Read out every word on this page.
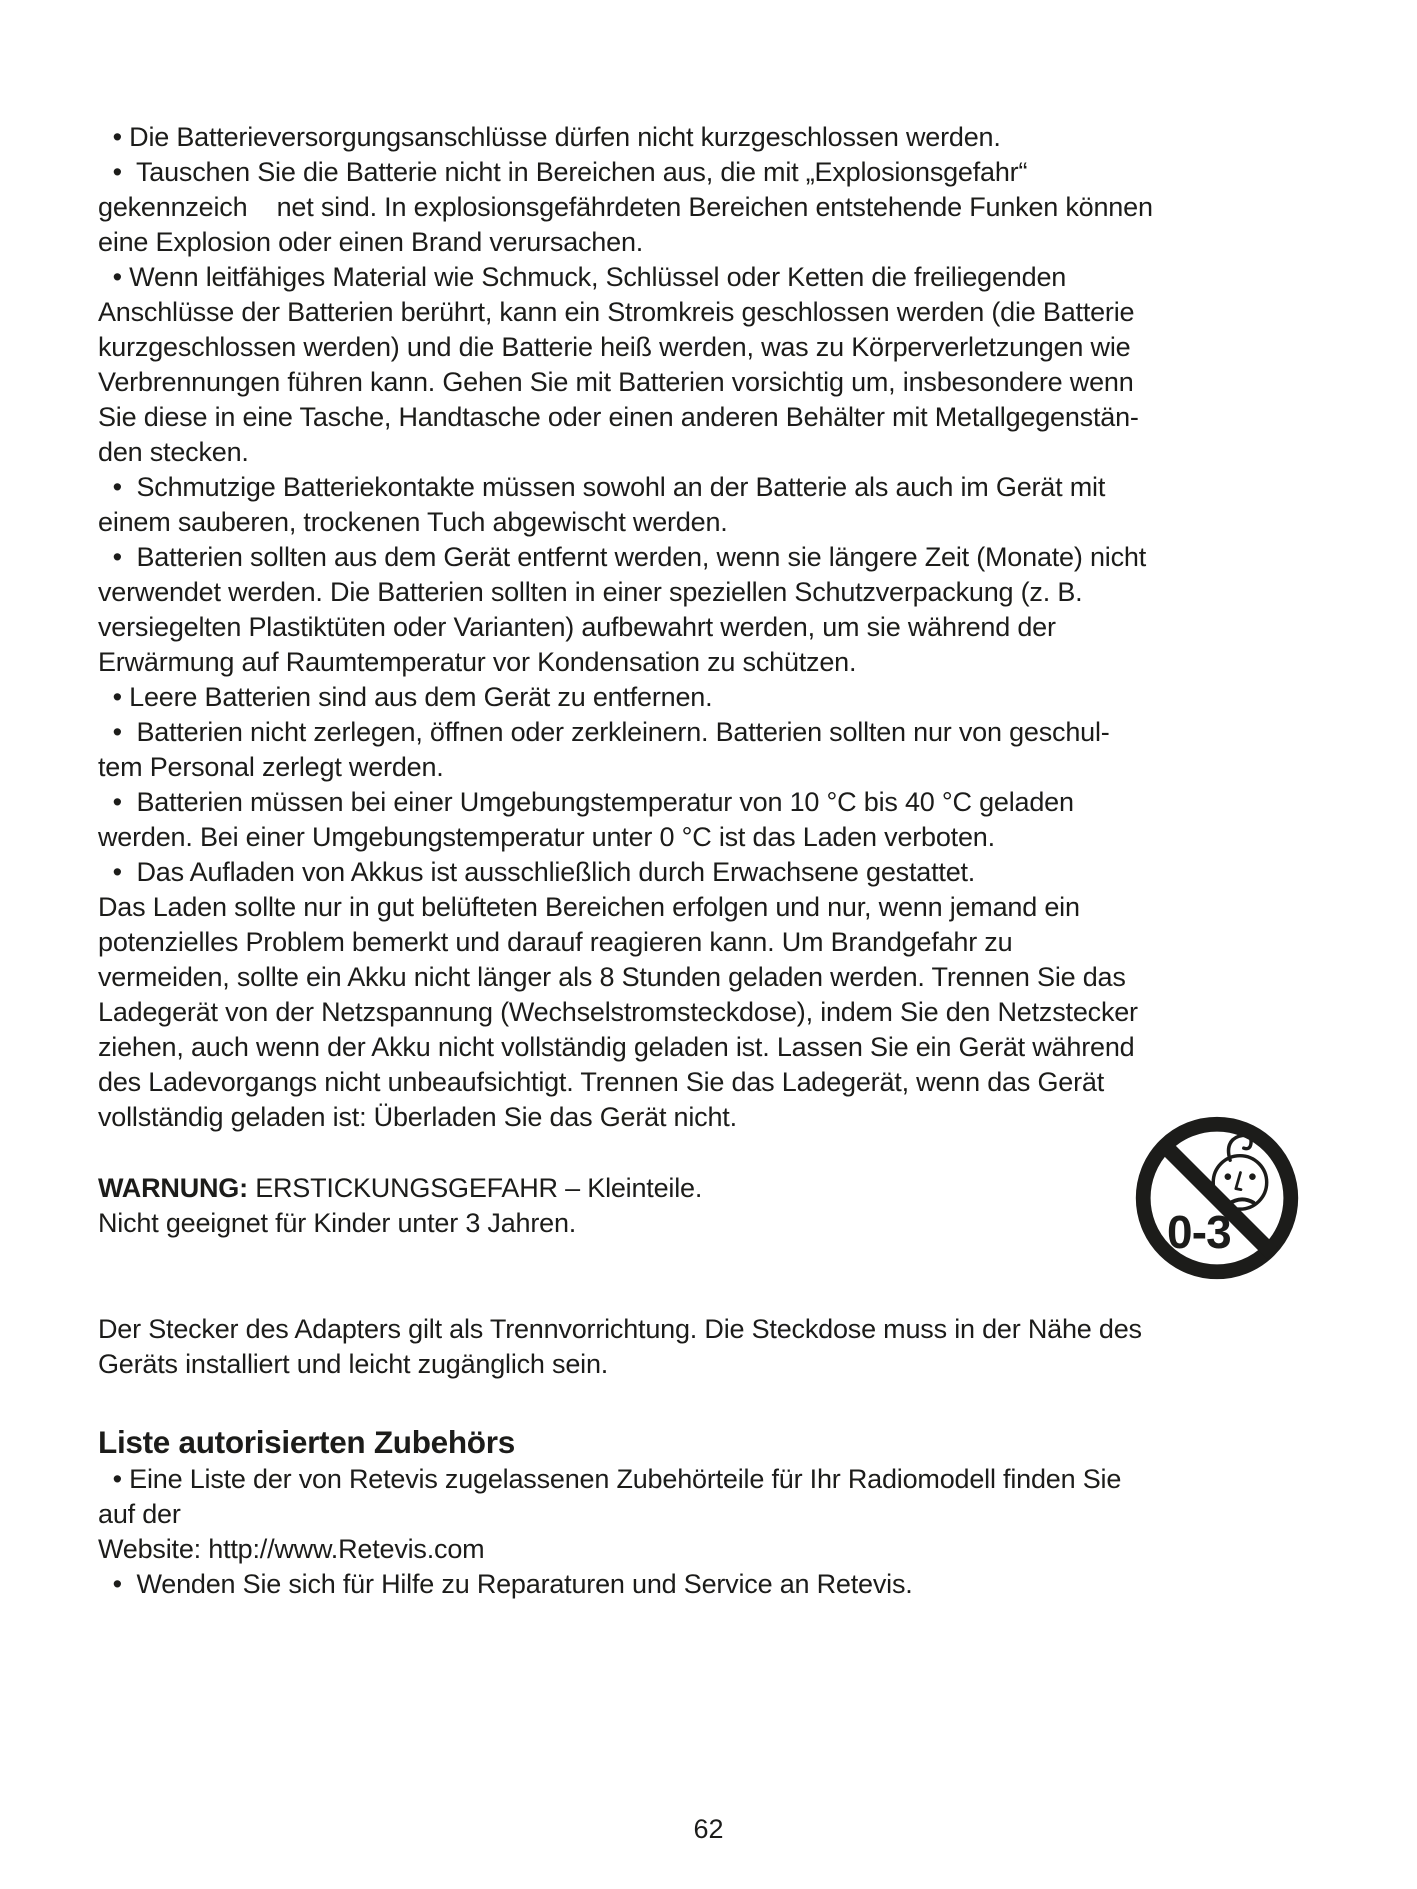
• Die Batterieversorgungsanschlüsse dürfen nicht kurzgeschlossen werden.
•  Tauschen Sie die Batterie nicht in Bereichen aus, die mit „Explosionsgefahr“
gekennzeich    net sind. In explosionsgefährdeten Bereichen entstehende Funken können
eine Explosion oder einen Brand verursachen.
• Wenn leitfähiges Material wie Schmuck, Schlüssel oder Ketten die freiliegenden
Anschlüsse der Batterien berührt, kann ein Stromkreis geschlossen werden (die Batterie
kurzgeschlossen werden) und die Batterie heiß werden, was zu Körperverletzungen wie
Verbrennungen führen kann. Gehen Sie mit Batterien vorsichtig um, insbesondere wenn
Sie diese in eine Tasche, Handtasche oder einen anderen Behälter mit Metallgegenstän-
den stecken.
•  Schmutzige Batteriekontakte müssen sowohl an der Batterie als auch im Gerät mit
einem sauberen, trockenen Tuch abgewischt werden.
•  Batterien sollten aus dem Gerät entfernt werden, wenn sie längere Zeit (Monate) nicht
verwendet werden. Die Batterien sollten in einer speziellen Schutzverpackung (z. B.
versiegelten Plastiktüten oder Varianten) aufbewahrt werden, um sie während der
Erwärmung auf Raumtemperatur vor Kondensation zu schützen.
• Leere Batterien sind aus dem Gerät zu entfernen.
•  Batterien nicht zerlegen, öffnen oder zerkleinern. Batterien sollten nur von geschul-
tem Personal zerlegt werden.
•  Batterien müssen bei einer Umgebungstemperatur von 10 °C bis 40 °C geladen
werden. Bei einer Umgebungstemperatur unter 0 °C ist das Laden verboten.
•  Das Aufladen von Akkus ist ausschließlich durch Erwachsene gestattet.
Das Laden sollte nur in gut belüfteten Bereichen erfolgen und nur, wenn jemand ein
potenzielles Problem bemerkt und darauf reagieren kann. Um Brandgefahr zu
vermeiden, sollte ein Akku nicht länger als 8 Stunden geladen werden. Trennen Sie das
Ladegerät von der Netzspannung (Wechselstromsteckdose), indem Sie den Netzstecker
ziehen, auch wenn der Akku nicht vollständig geladen ist. Lassen Sie ein Gerät während
des Ladevorgangs nicht unbeaufsichtigt. Trennen Sie das Ladegerät, wenn das Gerät
vollständig geladen ist: Überladen Sie das Gerät nicht.
WARNUNG: ERSTICKUNGSGEFAHR – Kleinteile.
Nicht geeignet für Kinder unter 3 Jahren.	0-3
Der Stecker des Adapters gilt als Trennvorrichtung. Die Steckdose muss in der Nähe des
Geräts installiert und leicht zugänglich sein.
Liste autorisierten Zubehörs
• Eine Liste der von Retevis zugelassenen Zubehörteile für Ihr Radiomodell finden Sie
auf der
Website: http://www.Retevis.com
•  Wenden Sie sich für Hilfe zu Reparaturen und Service an Retevis.
62
